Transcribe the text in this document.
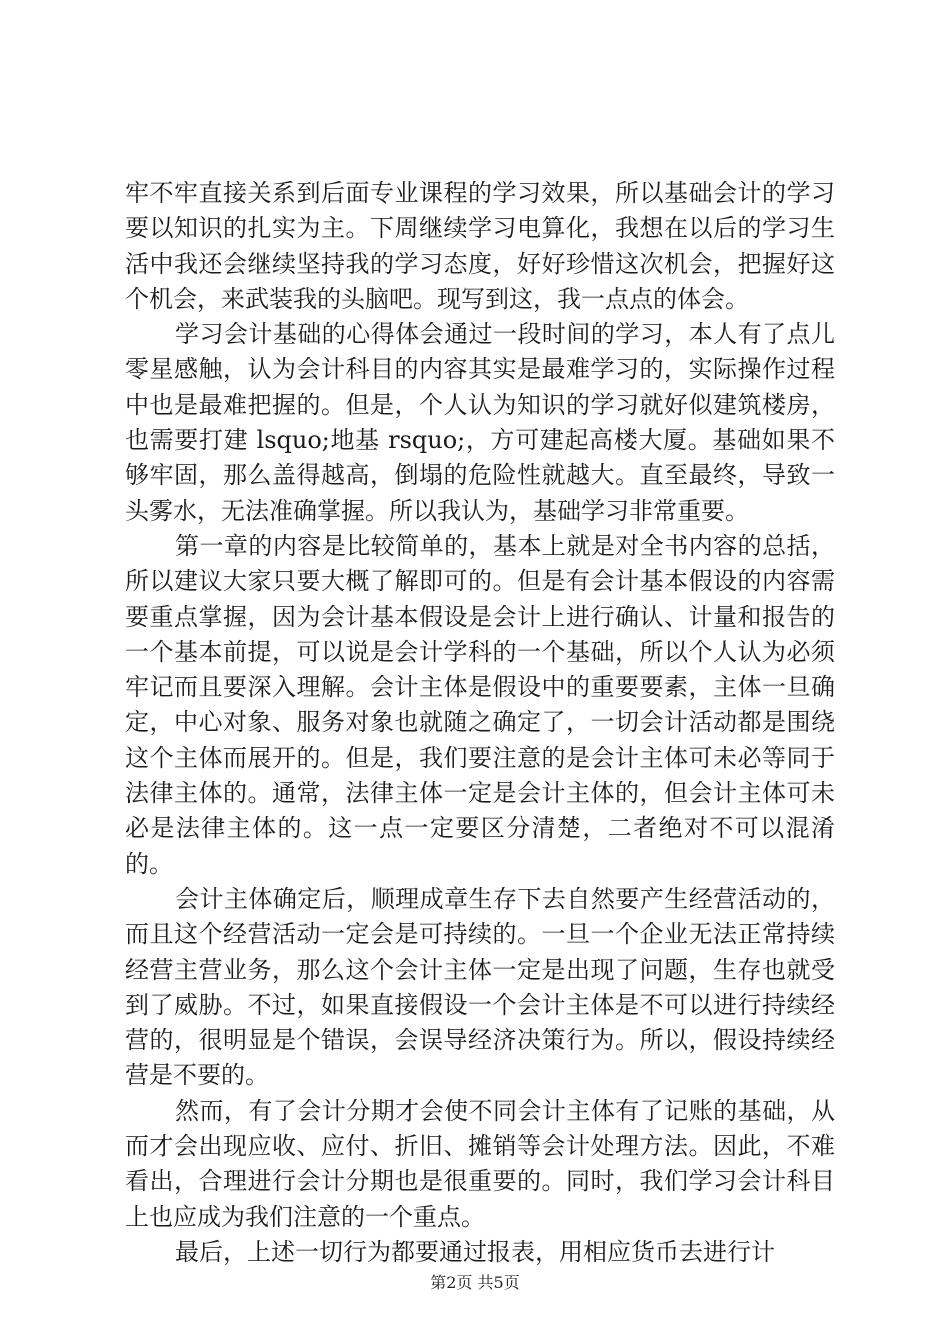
牢不牢直接关系到后面专业课程的学习效果，所以基础会计的学习要以知识的扎实为主。下周继续学习电算化，我想在以后的学习生活中我还会继续坚持我的学习态度，好好珍惜这次机会，把握好这个机会，来武装我的头脑吧。现写到这，我一点点的体会。

学习会计基础的心得体会通过一段时间的学习，本人有了点儿零星感触，认为会计科目的内容其实是最难学习的，实际操作过程中也是最难把握的。但是，个人认为知识的学习就好似建筑楼房，也需要打建 lsquo;地基 rsquo;，方可建起高楼大厦。基础如果不够牢固，那么盖得越高，倒塌的危险性就越大。直至最终，导致一头雾水，无法准确掌握。所以我认为，基础学习非常重要。

第一章的内容是比较简单的，基本上就是对全书内容的总括，所以建议大家只要大概了解即可的。但是有会计基本假设的内容需要重点掌握，因为会计基本假设是会计上进行确认、计量和报告的一个基本前提，可以说是会计学科的一个基础，所以个人认为必须牢记而且要深入理解。会计主体是假设中的重要要素，主体一旦确定，中心对象、服务对象也就随之确定了，一切会计活动都是围绕这个主体而展开的。但是，我们要注意的是会计主体可未必等同于法律主体的。通常，法律主体一定是会计主体的，但会计主体可未必是法律主体的。这一点一定要区分清楚，二者绝对不可以混淆的。

会计主体确定后，顺理成章生存下去自然要产生经营活动的，而且这个经营活动一定会是可持续的。一旦一个企业无法正常持续经营主营业务，那么这个会计主体一定是出现了问题，生存也就受到了威胁。不过，如果直接假设一个会计主体是不可以进行持续经营的，很明显是个错误，会误导经济决策行为。所以，假设持续经营是不要的。

然而，有了会计分期才会使不同会计主体有了记账的基础，从而才会出现应收、应付、折旧、摊销等会计处理方法。因此，不难看出，合理进行会计分期也是很重要的。同时，我们学习会计科目上也应成为我们注意的一个重点。

最后，上述一切行为都要通过报表，用相应货币去进行计

第2页 共5页
